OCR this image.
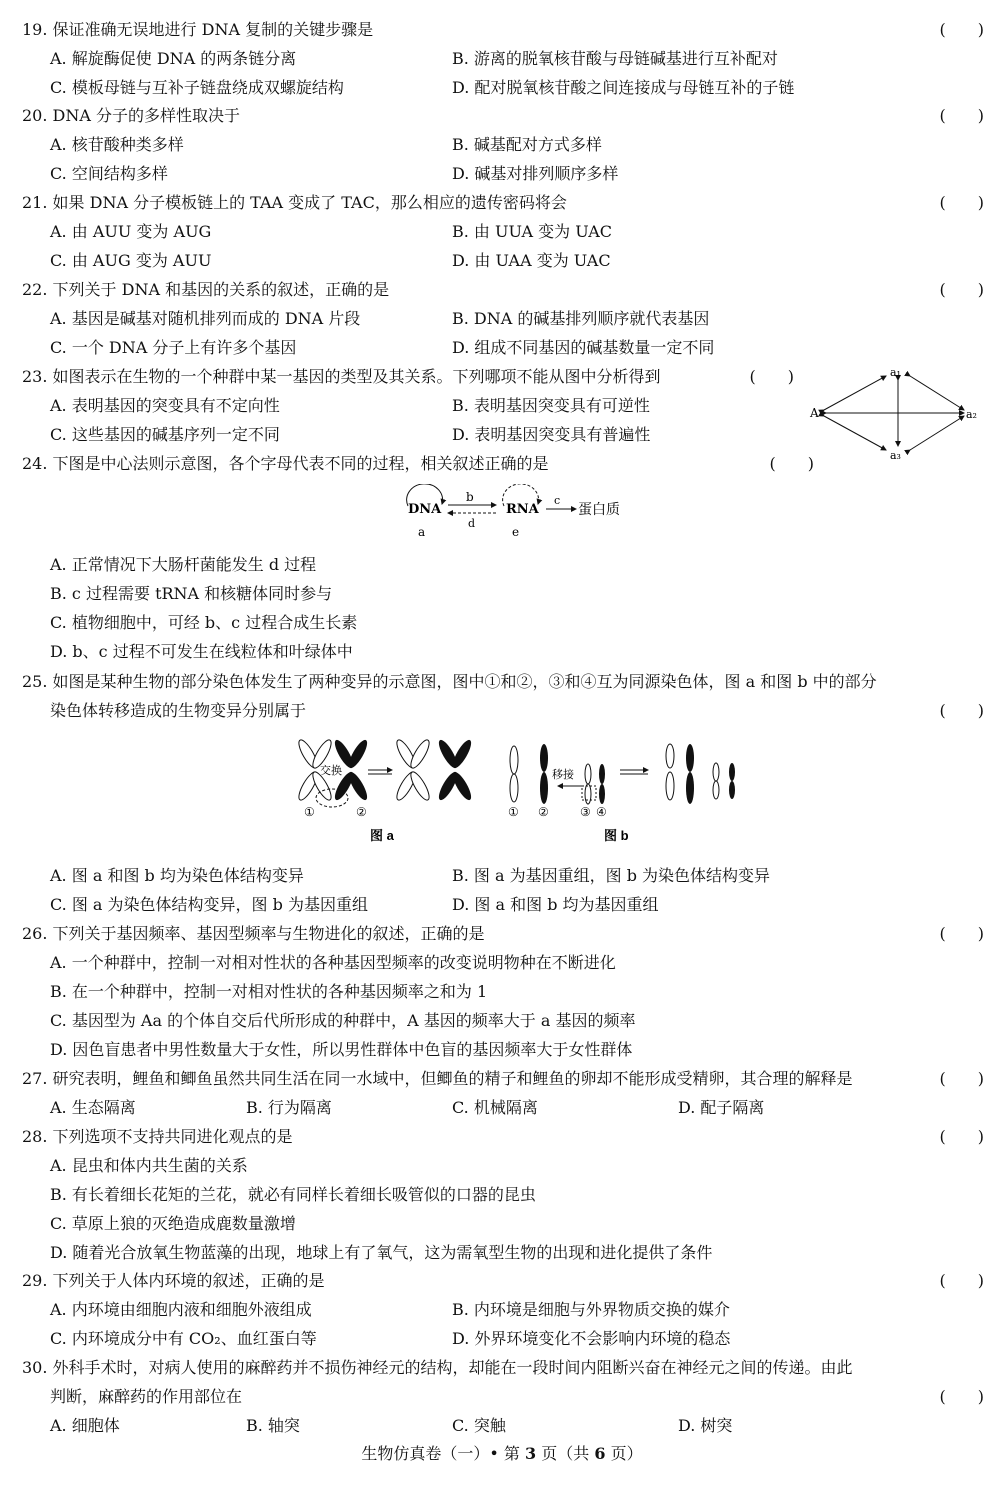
19. 保证准确无误地进行 DNA 复制的关键步骤是	(　　)
A. 解旋酶促使 DNA 的两条链分离	B. 游离的脱氧核苷酸与母链碱基进行互补配对
C. 模板母链与互补子链盘绕成双螺旋结构	D. 配对脱氧核苷酸之间连接成与母链互补的子链
20. DNA 分子的多样性取决于	(　　)
A. 核苷酸种类多样	B. 碱基配对方式多样
C. 空间结构多样	D. 碱基对排列顺序多样
21. 如果 DNA 分子模板链上的 TAA 变成了 TAC，那么相应的遗传密码将会	(　　)
A. 由 AUU 变为 AUG	B. 由 UUA 变为 UAC
C. 由 AUG 变为 AUU	D. 由 UAA 变为 UAC
22. 下列关于 DNA 和基因的关系的叙述，正确的是	(　　)
A. 基因是碱基对随机排列而成的 DNA 片段	B. DNA 的碱基排列顺序就代表基因
C. 一个 DNA 分子上有许多个基因	D. 组成不同基因的碱基数量一定不同
23. 如图表示在生物的一个种群中某一基因的类型及其关系。下列哪项不能从图中分析得到	(　　)
A. 表明基因的突变具有不定向性	B. 表明基因突变具有可逆性
C. 这些基因的碱基序列一定不同	D. 表明基因突变具有普遍性
A
a₁
a₂
a₃
24. 下图是中心法则示意图，各个字母代表不同的过程，相关叙述正确的是	(　　)
DNA	RNA	蛋白质
a
b	c
d
e
A. 正常情况下大肠杆菌能发生 d 过程
B. c 过程需要 tRNA 和核糖体同时参与
C. 植物细胞中，可经 b、c 过程合成生长素
D. b、c 过程不可发生在线粒体和叶绿体中
25. 如图是某种生物的部分染色体发生了两种变异的示意图，图中①和②，③和④互为同源染色体，图 a 和图 b 中的部分
染色体转移造成的生物变异分别属于	(　　)
交换
①	②
图 a
移接
① ②	③ ④
图 b
A. 图 a 和图 b 均为染色体结构变异	B. 图 a 为基因重组，图 b 为染色体结构变异
C. 图 a 为染色体结构变异，图 b 为基因重组	D. 图 a 和图 b 均为基因重组
26. 下列关于基因频率、基因型频率与生物进化的叙述，正确的是	(　　)
A. 一个种群中，控制一对相对性状的各种基因型频率的改变说明物种在不断进化
B. 在一个种群中，控制一对相对性状的各种基因频率之和为 1
C. 基因型为 Aa 的个体自交后代所形成的种群中，A 基因的频率大于 a 基因的频率
D. 因色盲患者中男性数量大于女性，所以男性群体中色盲的基因频率大于女性群体
27. 研究表明，鲤鱼和鲫鱼虽然共同生活在同一水域中，但鲫鱼的精子和鲤鱼的卵却不能形成受精卵，其合理的解释是	(　　)
A. 生态隔离	B. 行为隔离	C. 机械隔离	D. 配子隔离
28. 下列选项不支持共同进化观点的是	(　　)
A. 昆虫和体内共生菌的关系
B. 有长着细长花矩的兰花，就必有同样长着细长吸管似的口器的昆虫
C. 草原上狼的灭绝造成鹿数量激增
D. 随着光合放氧生物蓝藻的出现，地球上有了氧气，这为需氧型生物的出现和进化提供了条件
29. 下列关于人体内环境的叙述，正确的是	(　　)
A. 内环境由细胞内液和细胞外液组成	B. 内环境是细胞与外界物质交换的媒介
C. 内环境成分中有 CO₂、血红蛋白等	D. 外界环境变化不会影响内环境的稳态
30. 外科手术时，对病人使用的麻醉药并不损伤神经元的结构，却能在一段时间内阻断兴奋在神经元之间的传递。由此
判断，麻醉药的作用部位在	(　　)
A. 细胞体	B. 轴突	C. 突触	D. 树突
生物仿真卷（一）• 第 3 页（共 6 页）
